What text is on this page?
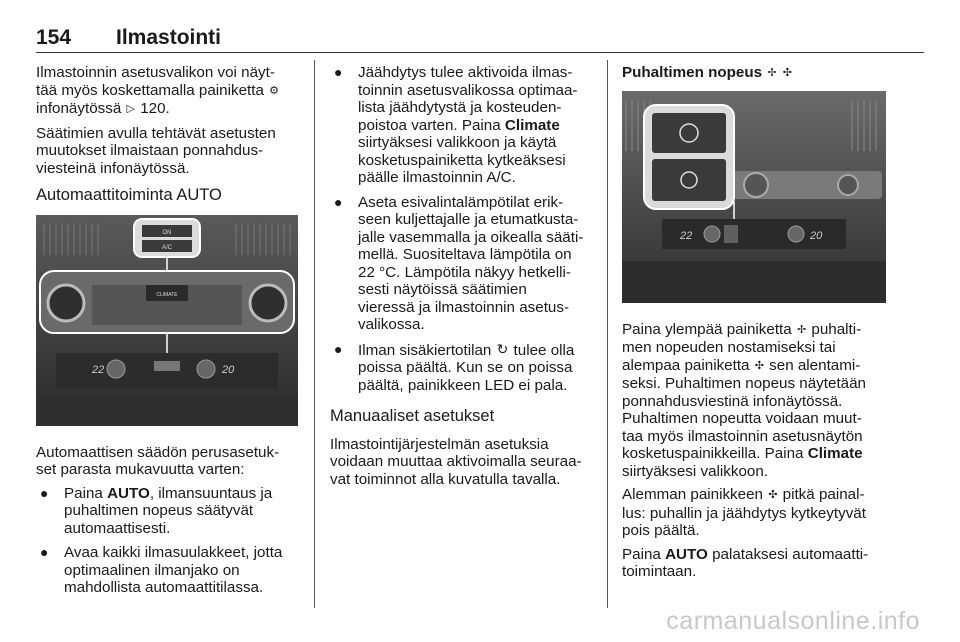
154 Ilmastointi

Ilmastoinnin asetusvalikon voi näyt-
tää myös koskettamalla painiketta ⚙
infonäytössä ▷ 120.

Säätimien avulla tehtävät asetusten
muutokset ilmaistaan ponnahdus-
viesteinä infonäytössä.

Automaattitoiminta AUTO
ON
A/C
CLIMATE
22	20

Automaattisen säädön perusasetuk-
set parasta mukavuutta varten:

● Paina AUTO, ilmansuuntaus ja
puhaltimen nopeus säätyvät
automaattisesti.
● Avaa kaikki ilmasuulakkeet, jotta
optimaalinen ilmanjako on
mahdollista automaattitilassa.
● Jäähdytys tulee aktivoida ilmas-
toinnin asetusvalikossa optimaa-
lista jäähdytystä ja kosteuden-
poistoa varten. Paina Climate
siirtyäksesi valikkoon ja käytä
kosketuspainiketta kytkeäksesi
päälle ilmastoinnin A/C.
● Aseta esivalintalämpötilat erik-
seen kuljettajalle ja etumatkusta-
jalle vasemmalla ja oikealla sääti-
mellä. Suositeltava lämpötila on
22 °C. Lämpötila näkyy hetkelli-
sesti näytöissä säätimien
vieressä ja ilmastoinnin asetus-
valikossa.
● Ilman sisäkiertotilan ↻ tulee olla
poissa päältä. Kun se on poissa
päältä, painikkeen LED ei pala.
Manuaaliset asetukset

Ilmastointijärjestelmän asetuksia
voidaan muuttaa aktivoimalla seuraa-
vat toiminnot alla kuvatulla tavalla.

Puhaltimen nopeus ✢ ✣

22	20

Paina ylempää painiketta ✢ puhalti-
men nopeuden nostamiseksi tai
alempaa painiketta ✣ sen alentami-
seksi. Puhaltimen nopeus näytetään
ponnahdusviestinä infonäytössä.
Puhaltimen nopeutta voidaan muut-
taa myös ilmastoinnin asetusnäytön
kosketuspainikkeilla. Paina Climate
siirtyäksesi valikkoon.

Alemman painikkeen ✣ pitkä painal-
lus: puhallin ja jäähdytys kytkeytyvät
pois päältä.

Paina AUTO palataksesi automaatti-
toimintaan.

carmanualsonline.info
